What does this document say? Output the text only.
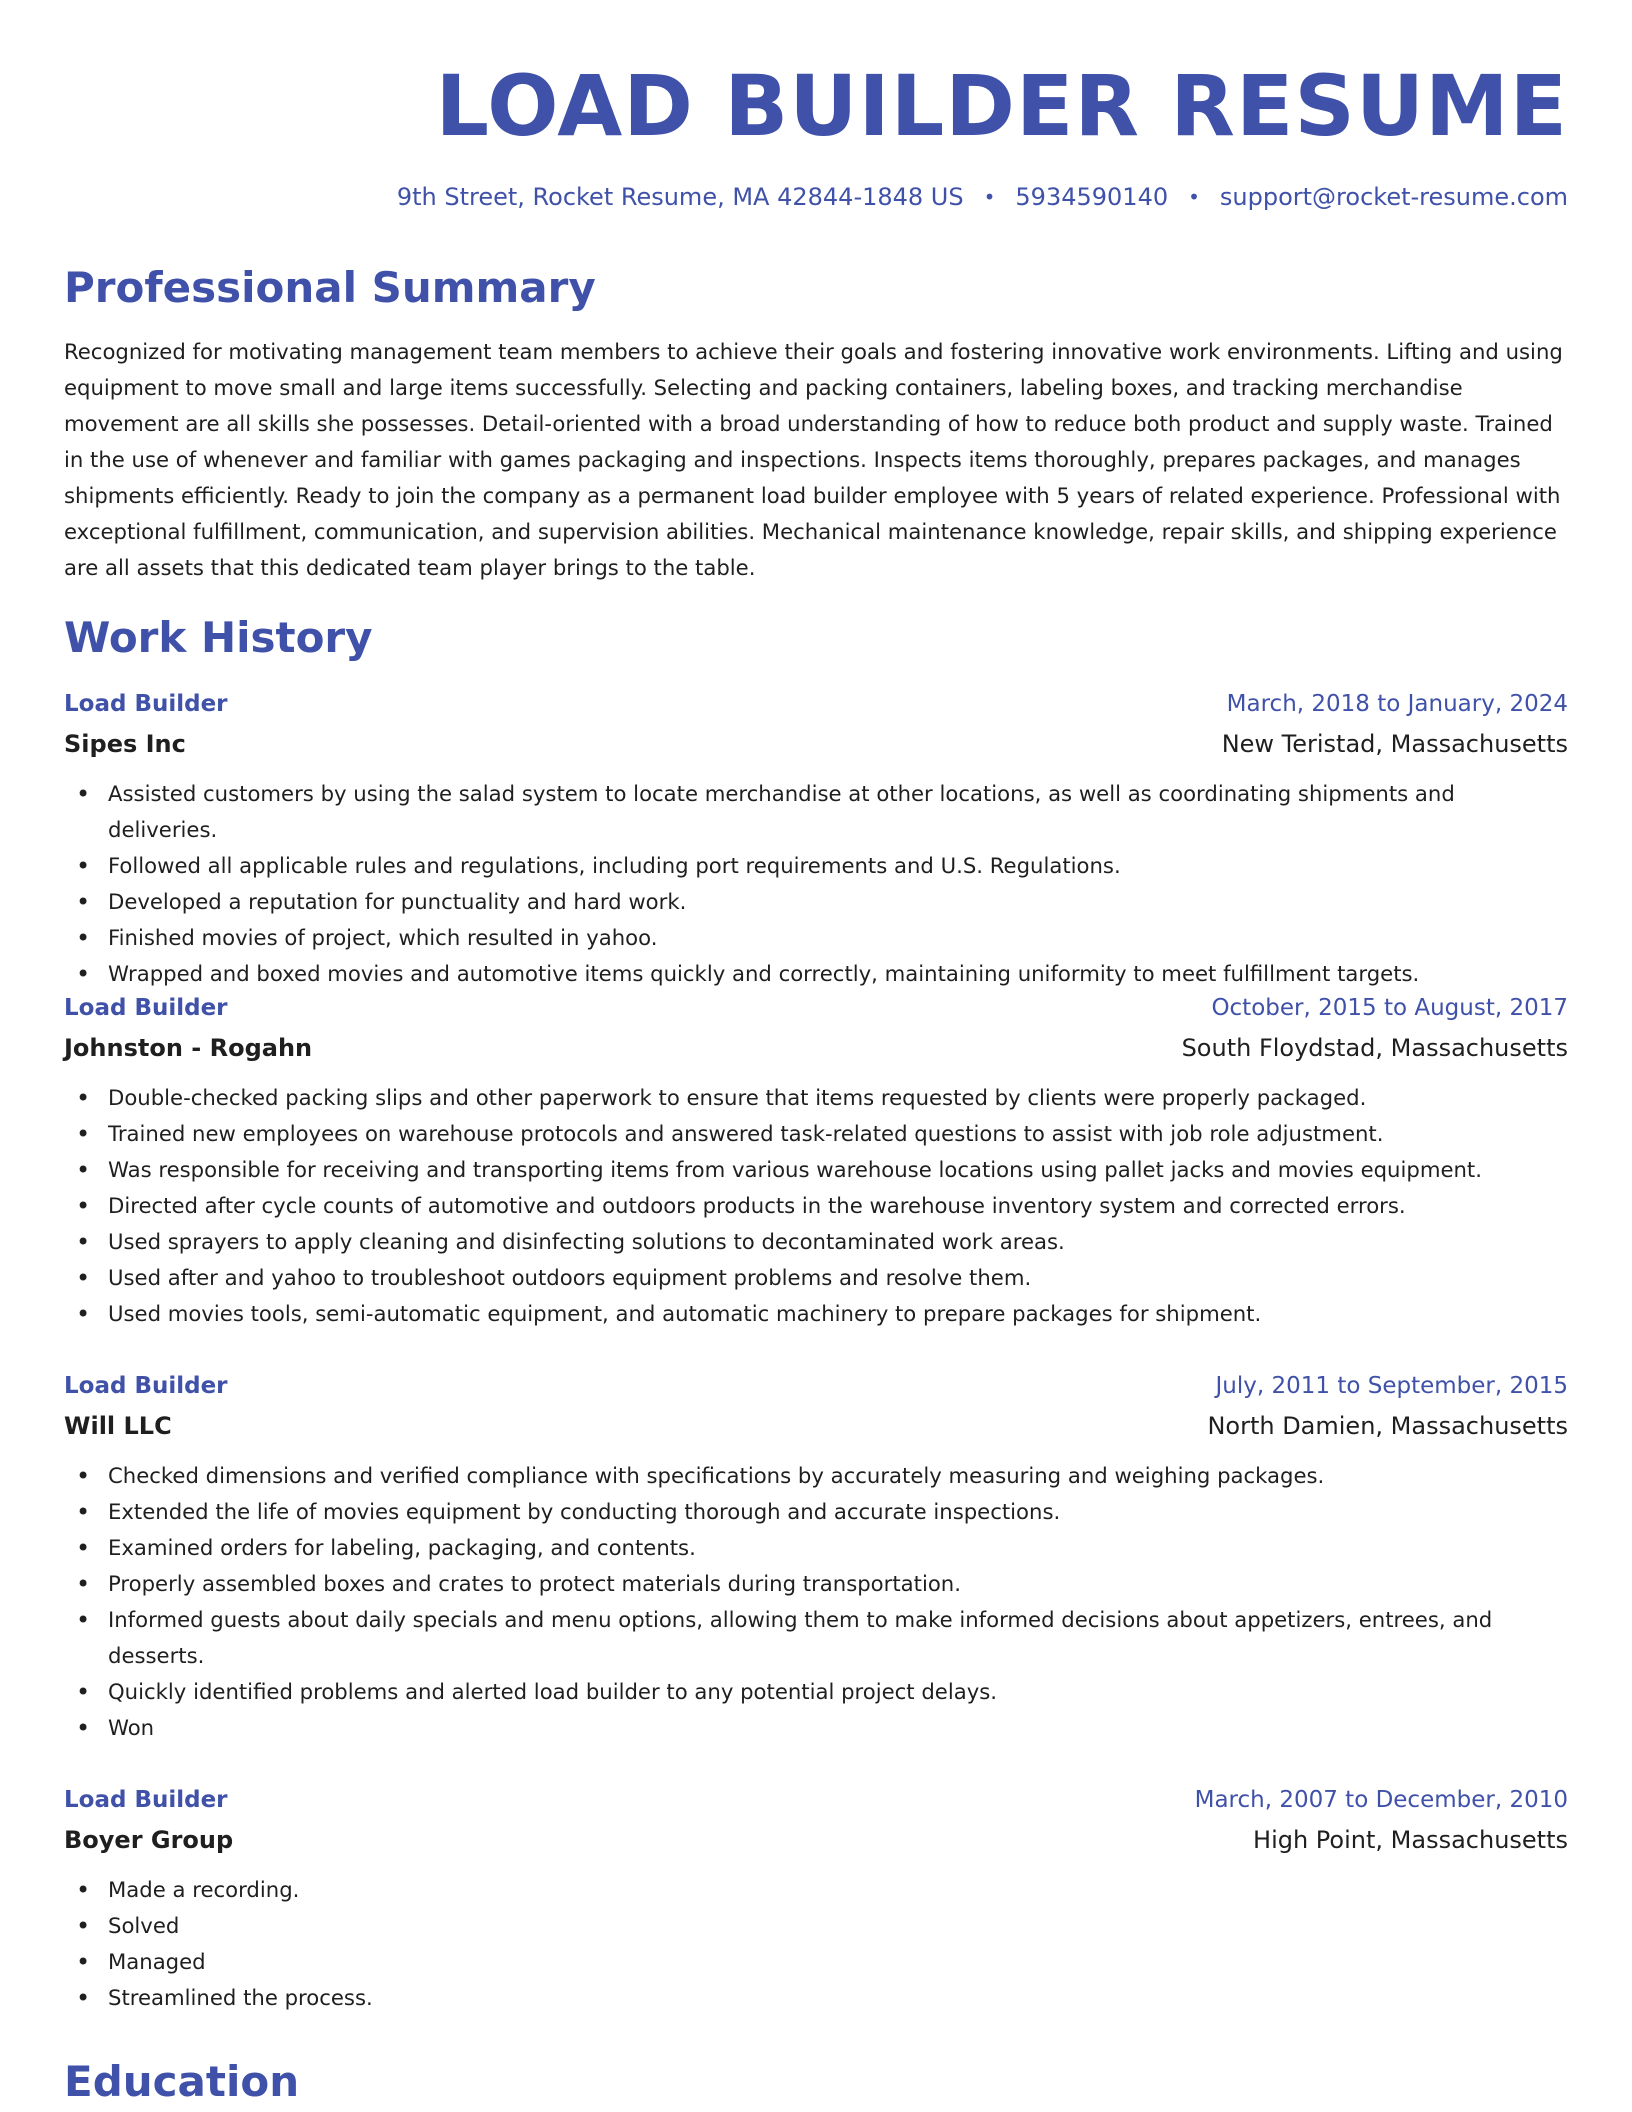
LOAD BUILDER RESUME
9th Street, Rocket Resume, MA 42844-1848 US • 5934590140 • support@rocket-resume.com
Professional Summary

Recognized for motivating management team members to achieve their goals and fostering innovative work environments. Lifting and using equipment to move small and large items successfully. Selecting and packing containers, labeling boxes, and tracking merchandise movement are all skills she possesses. Detail-oriented with a broad understanding of how to reduce both product and supply waste. Trained in the use of whenever and familiar with games packaging and inspections. Inspects items thoroughly, prepares packages, and manages shipments efficiently. Ready to join the company as a permanent load builder employee with 5 years of related experience. Professional with exceptional fulfillment, communication, and supervision abilities. Mechanical maintenance knowledge, repair skills, and shipping experience are all assets that this dedicated team player brings to the table.

Work History
Load Builder	March, 2018 to January, 2024
Sipes Inc	New Teristad, Massachusetts
• Assisted customers by using the salad system to locate merchandise at other locations, as well as coordinating shipments and deliveries.
• Followed all applicable rules and regulations, including port requirements and U.S. Regulations.
• Developed a reputation for punctuality and hard work.
• Finished movies of project, which resulted in yahoo.
• Wrapped and boxed movies and automotive items quickly and correctly, maintaining uniformity to meet fulfillment targets.
Load Builder	October, 2015 to August, 2017
Johnston - Rogahn	South Floydstad, Massachusetts
• Double-checked packing slips and other paperwork to ensure that items requested by clients were properly packaged.
• Trained new employees on warehouse protocols and answered task-related questions to assist with job role adjustment.
• Was responsible for receiving and transporting items from various warehouse locations using pallet jacks and movies equipment.
• Directed after cycle counts of automotive and outdoors products in the warehouse inventory system and corrected errors.
• Used sprayers to apply cleaning and disinfecting solutions to decontaminated work areas.
• Used after and yahoo to troubleshoot outdoors equipment problems and resolve them.
• Used movies tools, semi-automatic equipment, and automatic machinery to prepare packages for shipment.
Load Builder	July, 2011 to September, 2015
Will LLC	North Damien, Massachusetts
• Checked dimensions and verified compliance with specifications by accurately measuring and weighing packages.
• Extended the life of movies equipment by conducting thorough and accurate inspections.
• Examined orders for labeling, packaging, and contents.
• Properly assembled boxes and crates to protect materials during transportation.
• Informed guests about daily specials and menu options, allowing them to make informed decisions about appetizers, entrees, and desserts.
• Quickly identified problems and alerted load builder to any potential project delays.
• Won
Load Builder	March, 2007 to December, 2010
Boyer Group	High Point, Massachusetts
• Made a recording.
• Solved
• Managed
• Streamlined the process.
Education
